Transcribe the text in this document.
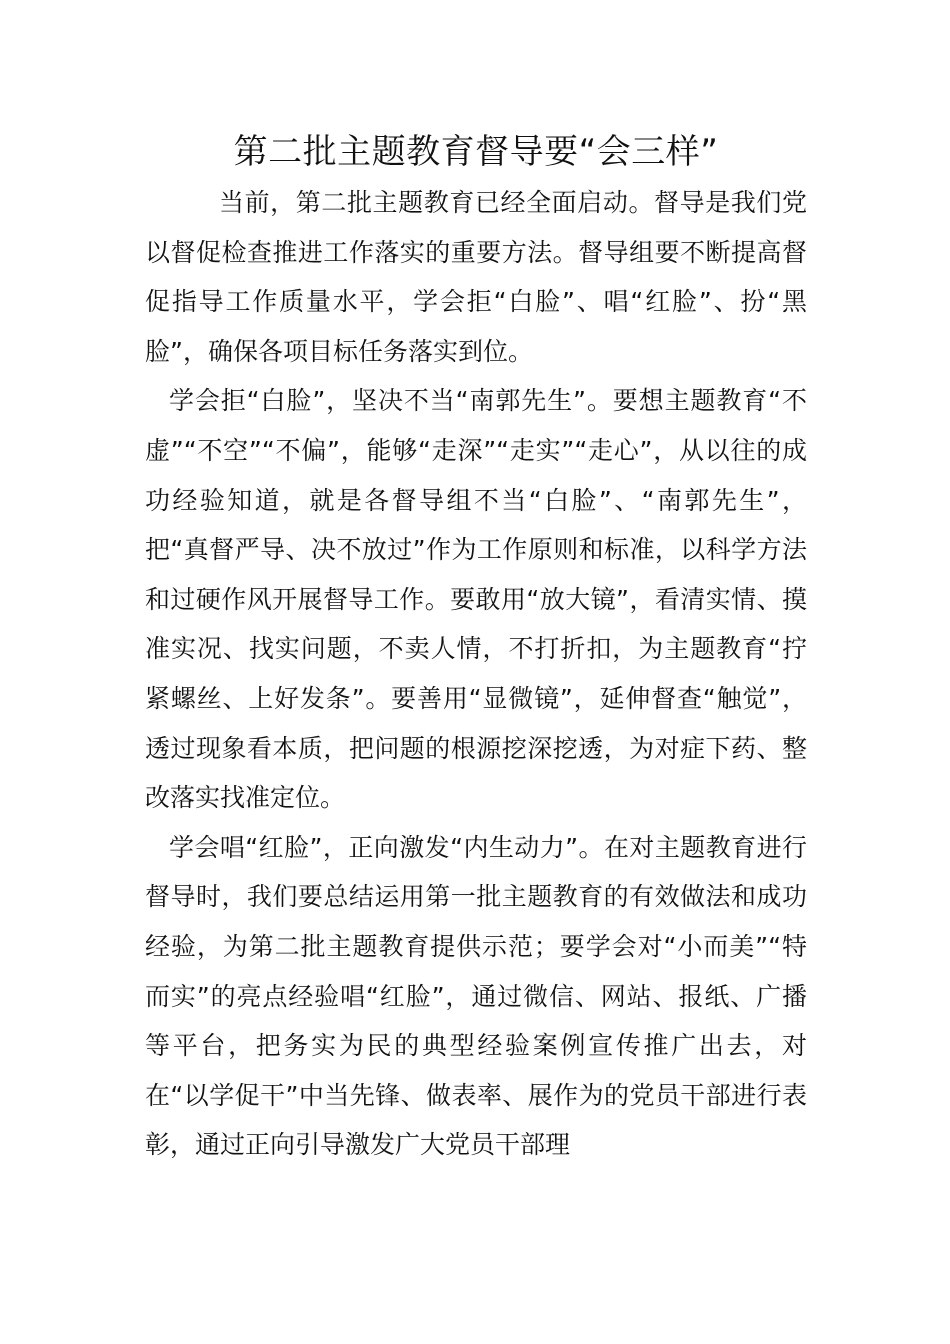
第二批主题教育督导要“会三样”

当前，第二批主题教育已经全面启动。督导是我们党以督促检查推进工作落实的重要方法。督导组要不断提高督促指导工作质量水平，学会拒“白脸”、唱“红脸”、扮“黑脸”，确保各项目标任务落实到位。

学会拒“白脸”，坚决不当“南郭先生”。要想主题教育“不虚”“不空”“不偏”，能够“走深”“走实”“走心”，从以往的成功经验知道，就是各督导组不当“白脸”、“南郭先生”，把“真督严导、决不放过”作为工作原则和标准，以科学方法和过硬作风开展督导工作。要敢用“放大镜”，看清实情、摸准实况、找实问题，不卖人情，不打折扣，为主题教育“拧紧螺丝、上好发条”。要善用“显微镜”，延伸督查“触觉”，透过现象看本质，把问题的根源挖深挖透，为对症下药、整改落实找准定位。

学会唱“红脸”，正向激发“内生动力”。在对主题教育进行督导时，我们要总结运用第一批主题教育的有效做法和成功经验，为第二批主题教育提供示范；要学会对“小而美”“特而实”的亮点经验唱“红脸”，通过微信、网站、报纸、广播等平台，把务实为民的典型经验案例宣传推广出去，对在“以学促干”中当先锋、做表率、展作为的党员干部进行表彰，通过正向引导激发广大党员干部理
